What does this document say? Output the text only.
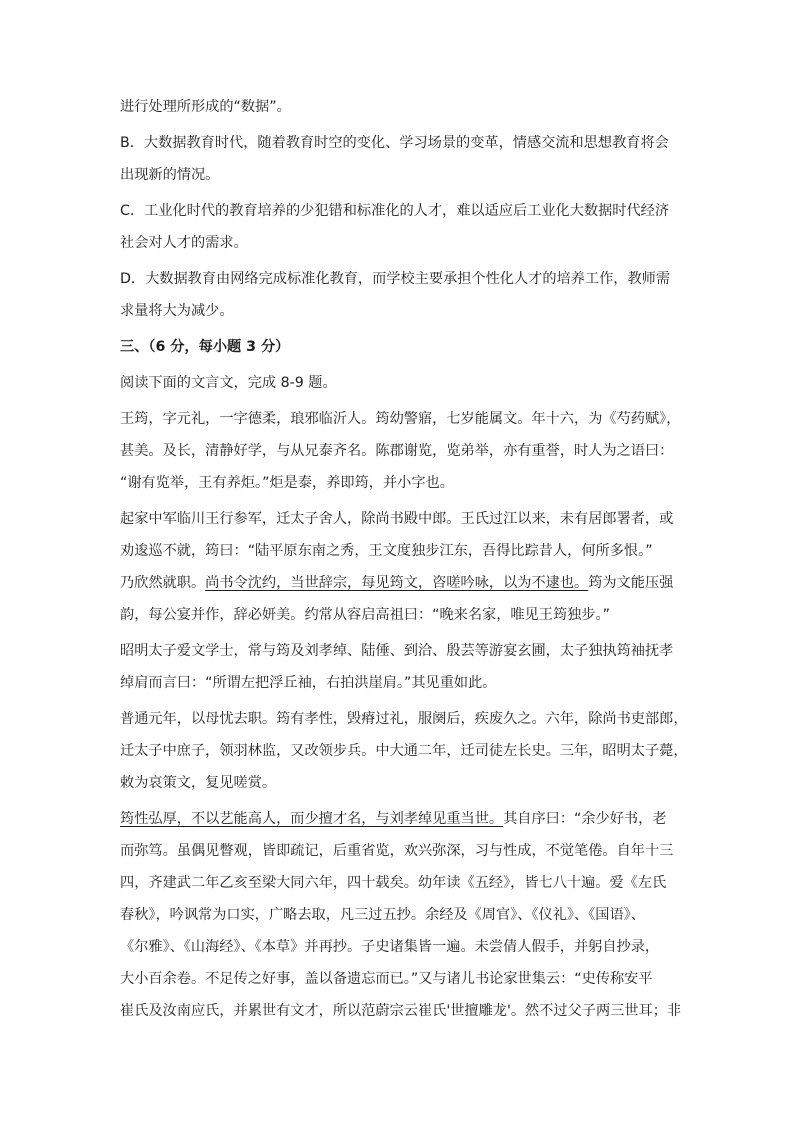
进行处理所形成的“数据”。
B．大数据教育时代，随着教育时空的变化、学习场景的变革，情感交流和思想教育将会
出现新的情况。
C．工业化时代的教育培养的少犯错和标准化的人才，难以适应后工业化大数据时代经济
社会对人才的需求。
D．大数据教育由网络完成标准化教育，而学校主要承担个性化人才的培养工作，教师需
求量将大为减少。
三、（6 分，每小题 3 分）
阅读下面的文言文，完成 8-9 题。
王筠，字元礼，一字德柔，琅邪临沂人。筠幼警寤，七岁能属文。年十六，为《芍药赋》，
甚美。及长，清静好学，与从兄泰齐名。陈郡谢览，览弟举，亦有重誉，时人为之语曰：
“谢有览举，王有养炬。”炬是泰，养即筠，并小字也。
起家中军临川王行参军，迁太子舍人，除尚书殿中郎。王氏过江以来，未有居郎署者，或
劝逡巡不就，筠曰：“陆平原东南之秀，王文度独步江东，吾得比踪昔人，何所多恨。”
乃欣然就职。尚书令沈约，当世辞宗，每见筠文，咨嗟吟咏，以为不逮也。筠为文能压强
韵，每公宴并作，辞必妍美。约常从容启高祖曰：“晚来名家，唯见王筠独步。”
昭明太子爱文学士，常与筠及刘孝绰、陆倕、到洽、殷芸等游宴玄圃，太子独执筠袖抚孝
绰肩而言曰：“所谓左把浮丘袖，右拍洪崖肩。”其见重如此。
普通元年，以母忧去职。筠有孝性，毁瘠过礼，服阕后，疾废久之。六年，除尚书吏部郎，
迁太子中庶子，领羽林监，又改领步兵。中大通二年，迁司徒左长史。三年，昭明太子薨，
敕为哀策文，复见嗟赏。
筠性弘厚，不以艺能高人，而少擅才名，与刘孝绰见重当世。其自序曰：“余少好书，老
而弥笃。虽偶见瞥观，皆即疏记，后重省览，欢兴弥深，习与性成，不觉笔倦。自年十三
四，齐建武二年乙亥至梁大同六年，四十载矣。幼年读《五经》，皆七八十遍。爱《左氏
春秋》，吟讽常为口实，广略去取，凡三过五抄。余经及《周官》、《仪礼》、《国语》、
《尔雅》、《山海经》、《本草》并再抄。子史诸集皆一遍。未尝倩人假手，并躬自抄录，
大小百余卷。不足传之好事，盖以备遗忘而已。”又与诸儿书论家世集云：“史传称安平
崔氏及汝南应氏，并累世有文才，所以范蔚宗云崔氏'世擅雕龙'。然不过父子两三世耳；非
